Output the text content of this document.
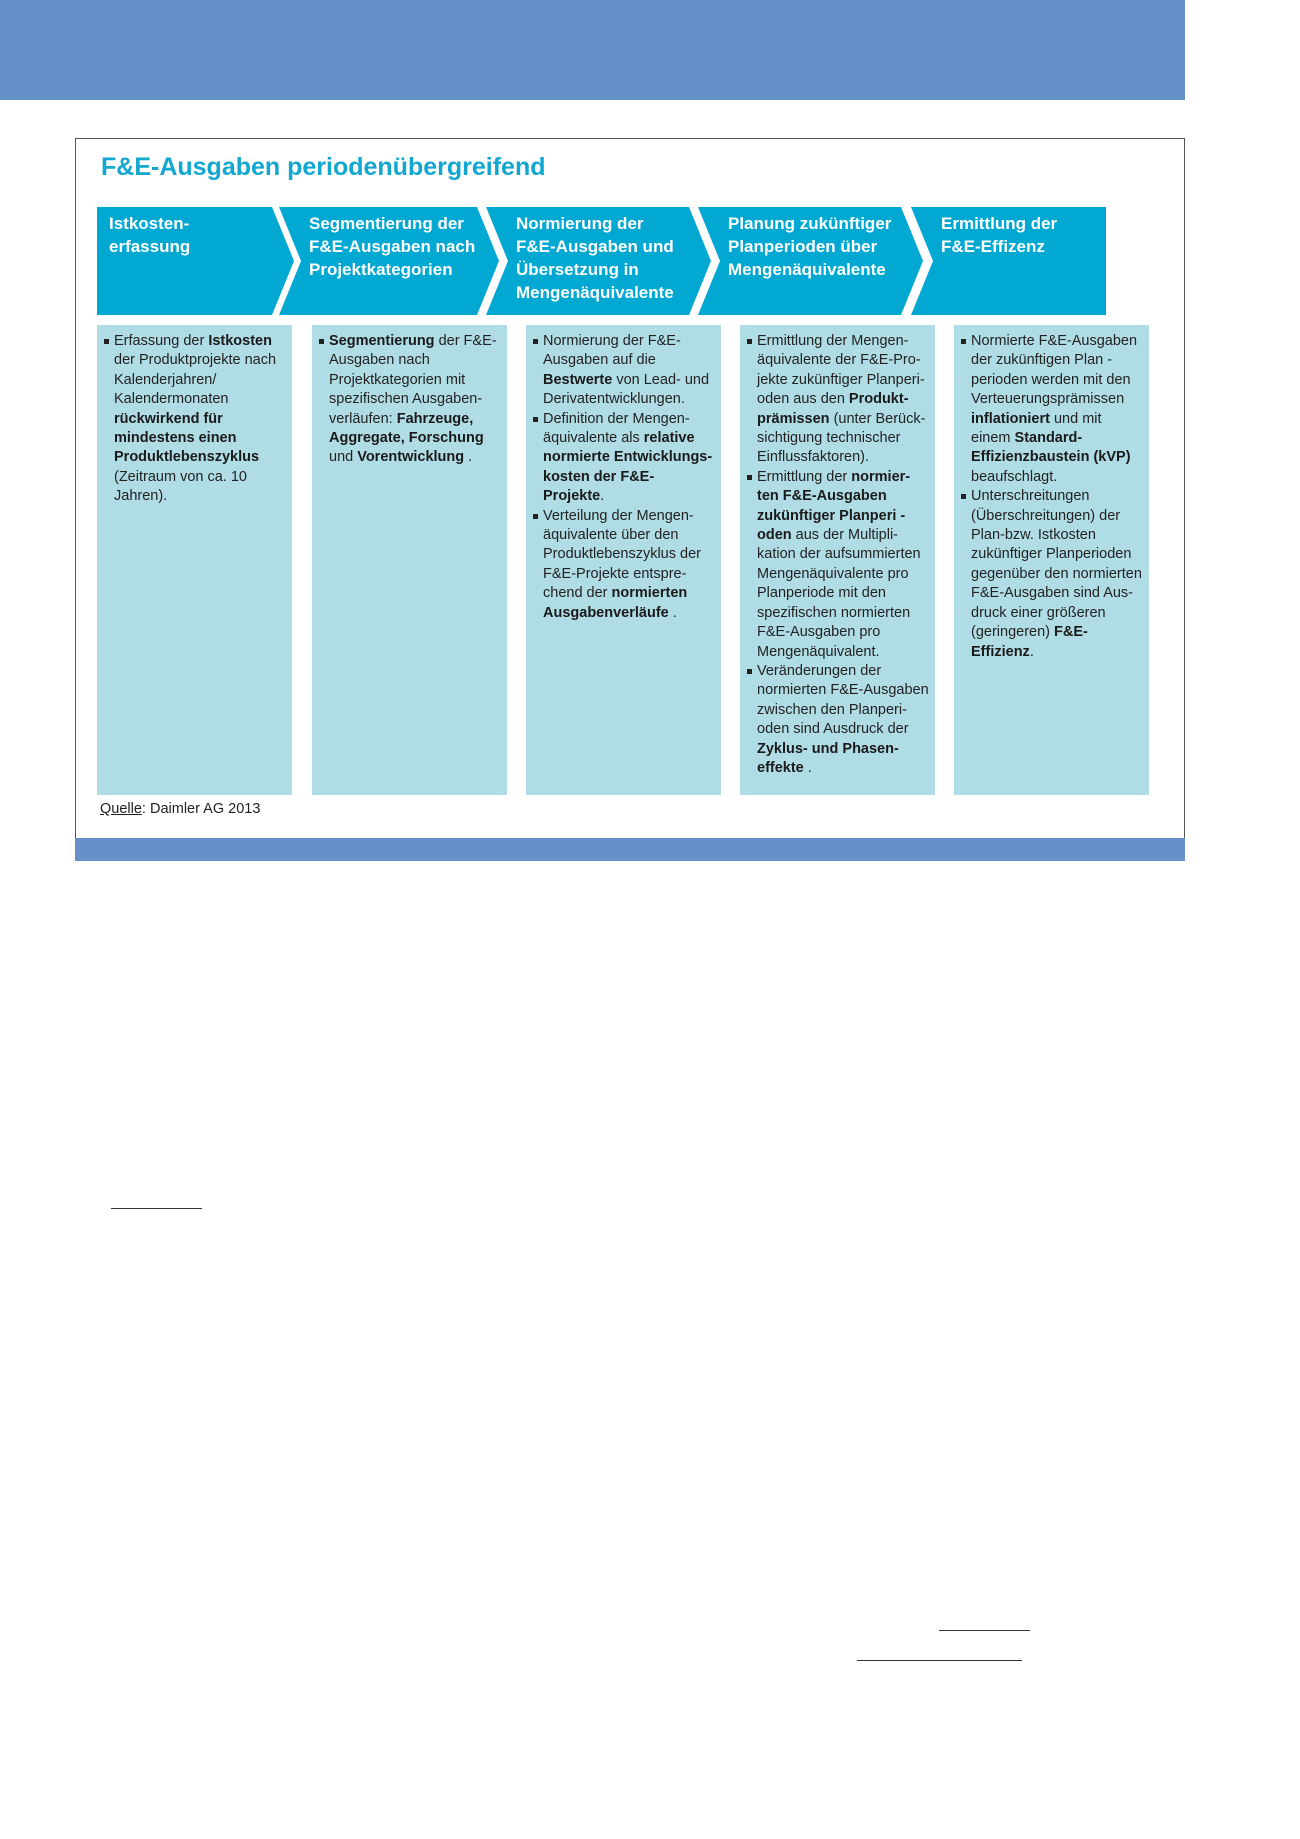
F&E-Ausgaben periodenübergreifend
Istkosten-
erfassung
Segmentierung der
F&E-Ausgaben nach
Projektkategorien
Normierung der
F&E-Ausgaben und
Übersetzung in
Mengenäquivalente
Planung zukünftiger
Planperioden über
Mengenäquivalente
Ermittlung der
F&E-Effizenz
Erfassung der Istkosten
der Produktprojekte nach
Kalenderjahren/
Kalendermonaten
rückwirkend für
mindestens einen
Produktlebenszyklus
(Zeitraum von ca. 10
Jahren).
Segmentierung der F&E-
Ausgaben nach
Projektkategorien mit
spezifischen Ausgaben-
verläufen: Fahrzeuge,
Aggregate, Forschung
und Vorentwicklung .
Normierung der F&E-
Ausgaben auf die
Bestwerte von Lead- und
Derivatentwicklungen.
Definition der Mengen-
äquivalente als relative
normierte Entwicklungs-
kosten der F&E-Projekte.
Verteilung der Mengen-
äquivalente über den
Produktlebenszyklus der
F&E-Projekte entspre-
chend der normierten
Ausgabenverläufe .
Ermittlung der Mengen-
äquivalente der F&E-Pro-
jekte zukünftiger Planperi-
oden aus den Produkt-
prämissen (unter Berück-
sichtigung technischer
Einflussfaktoren).
Ermittlung der normier-
ten F&E-Ausgaben
zukünftiger Planperi -
oden aus der Multipli-
kation der aufsummierten
Mengenäquivalente pro
Planperiode mit den
spezifischen normierten
F&E-Ausgaben pro
Mengenäquivalent.
Veränderungen der
normierten F&E-Ausgaben
zwischen den Planperi-
oden sind Ausdruck der
Zyklus- und Phasen-
effekte .
Normierte F&E-Ausgaben
der zukünftigen Plan -
perioden werden mit den
Verteuerungsprämissen
inflationiert und mit
einem Standard-
Effizienzbaustein (kVP)
beaufschlagt.
Unterschreitungen
(Überschreitungen) der
Plan-bzw. Istkosten
zukünftiger Planperioden
gegenüber den normierten
F&E-Ausgaben sind Aus-
druck einer größeren
(geringeren) F&E-Effizienz.
Quelle: Daimler AG 2013
